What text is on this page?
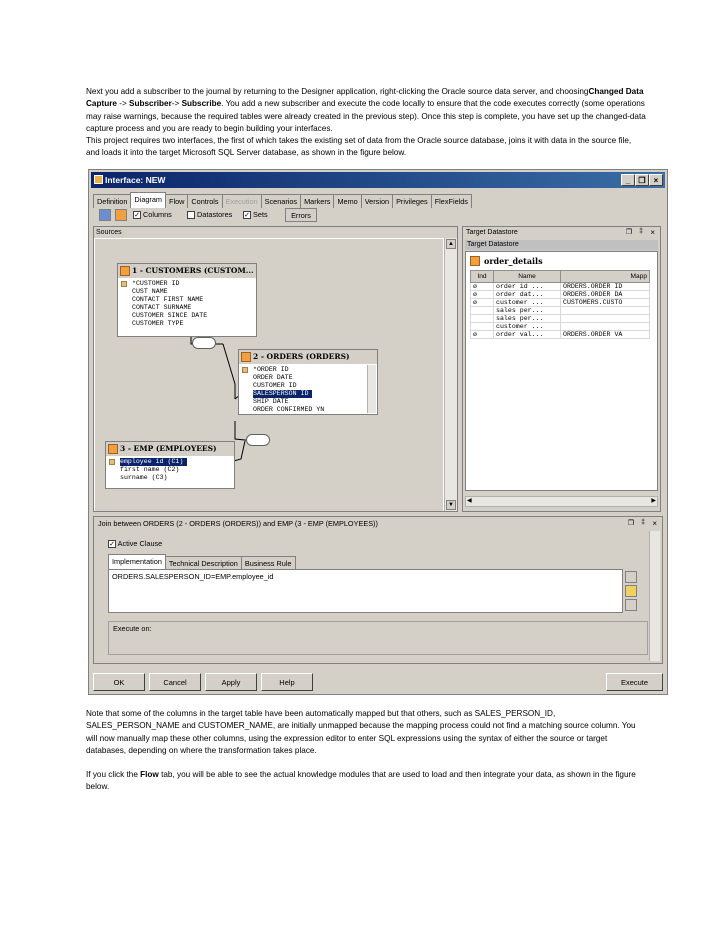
Next you add a subscriber to the journal by returning to the Designer application, right-clicking the Oracle source data server, and choosingChanged Data Capture -> Subscriber-> Subscribe. You add a new subscriber and execute the code locally to ensure that the code executes correctly (some operations may raise warnings, because the required tables were already created in the previous step). Once this step is complete, you have set up the changed-data capture process and you are ready to begin building your interfaces.
This project requires two interfaces, the first of which takes the existing set of data from the Oracle source database, joins it with data in the source file, and loads it into the target Microsoft SQL Server database, as shown in the figure below.
Interface: NEW	_	❐	×
Definition Diagram Flow Controls Execution Scenarios Markers Memo Version Privileges FlexFields
✓ Columns	Datastores ✓ Sets	Errors
Sources
1 - CUSTOMERS (CUSTOM...
*CUSTOMER ID
CUST NAME
CONTACT FIRST NAME
CONTACT SURNAME
CUSTOMER SINCE DATE
CUSTOMER TYPE
2 - ORDERS (ORDERS)
*ORDER ID
ORDER DATE
CUSTOMER ID
SALESPERSON ID
SHIP DATE
ORDER CONFIRMED YN
3 - EMP (EMPLOYEES)
employee id (C1)
first name (C2)
surname (C3)
▲
▼
Target Datastore	❐ ‡ ×
Target Datastore
order_details
Ind	Name	Mapp
ø	order id ...	ORDERS.ORDER ID
ø	order dat...	ORDERS.ORDER DA
ø	customer ...	CUSTOMERS.CUSTO
	sales per...	
	sales per...	
	customer ...	
ø	order val...	ORDERS.ORDER VA
◀	▶
Join between ORDERS (2 - ORDERS (ORDERS)) and EMP (3 - EMP (EMPLOYEES))	❐ ‡ ×
✓ Active Clause
Implementation Technical Description Business Rule
ORDERS.SALESPERSON_ID=EMP.employee_id
Execute on:
OK	Cancel	Apply	Help	Execute
Note that some of the columns in the target table have been automatically mapped but that others, such as SALES_PERSON_ID, SALES_PERSON_NAME and CUSTOMER_NAME, are initially unmapped because the mapping process could not find a matching source column. You will now manually map these other columns, using the expression editor to enter SQL expressions using the syntax of either the source or target databases, depending on where the transformation takes place.
If you click the Flow tab, you will be able to see the actual knowledge modules that are used to load and then integrate your data, as shown in the figure below.
